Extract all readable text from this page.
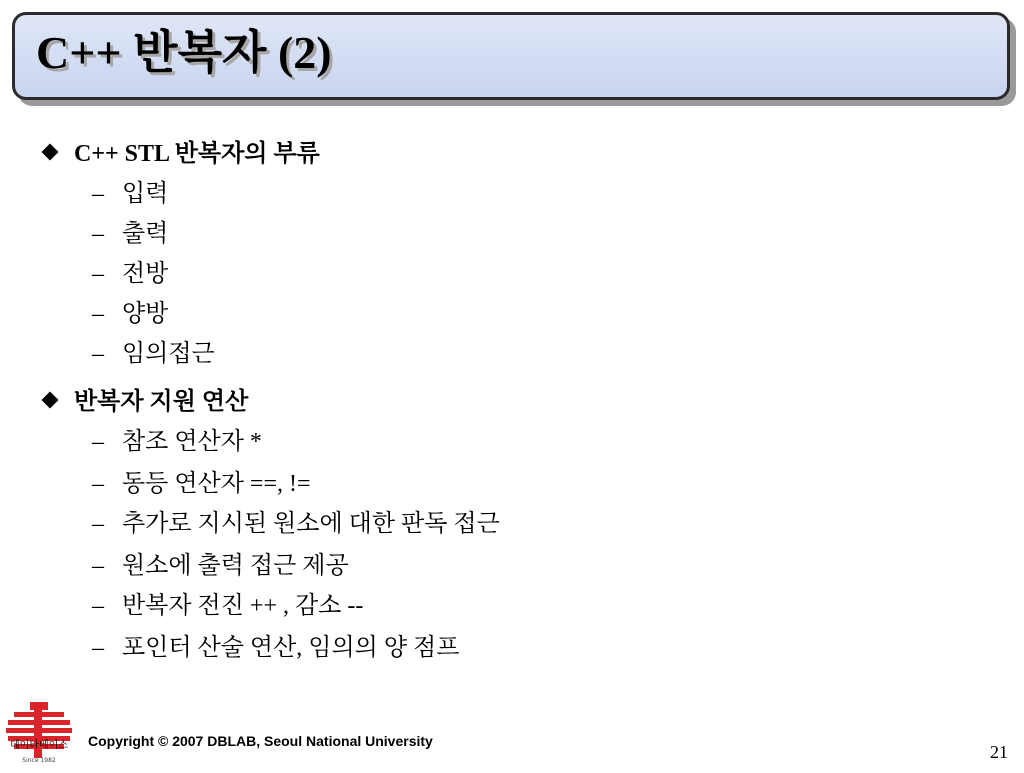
C++ 반복자 (2)
C++ STL 반복자의 부류
– 입력
– 출력
– 전방
– 양방
– 임의접근
반복자 지원 연산
– 참조 연산자 *
– 동등 연산자 ==, !=
– 추가로 지시된 원소에 대한 판독 접근
– 원소에 출력 접근 제공
– 반복자 전진 ++ , 감소 --
– 포인터 산술 연산, 임의의 양 점프
데이타베이스
Since 1982
Copyright © 2007 DBLAB, Seoul National University
21
